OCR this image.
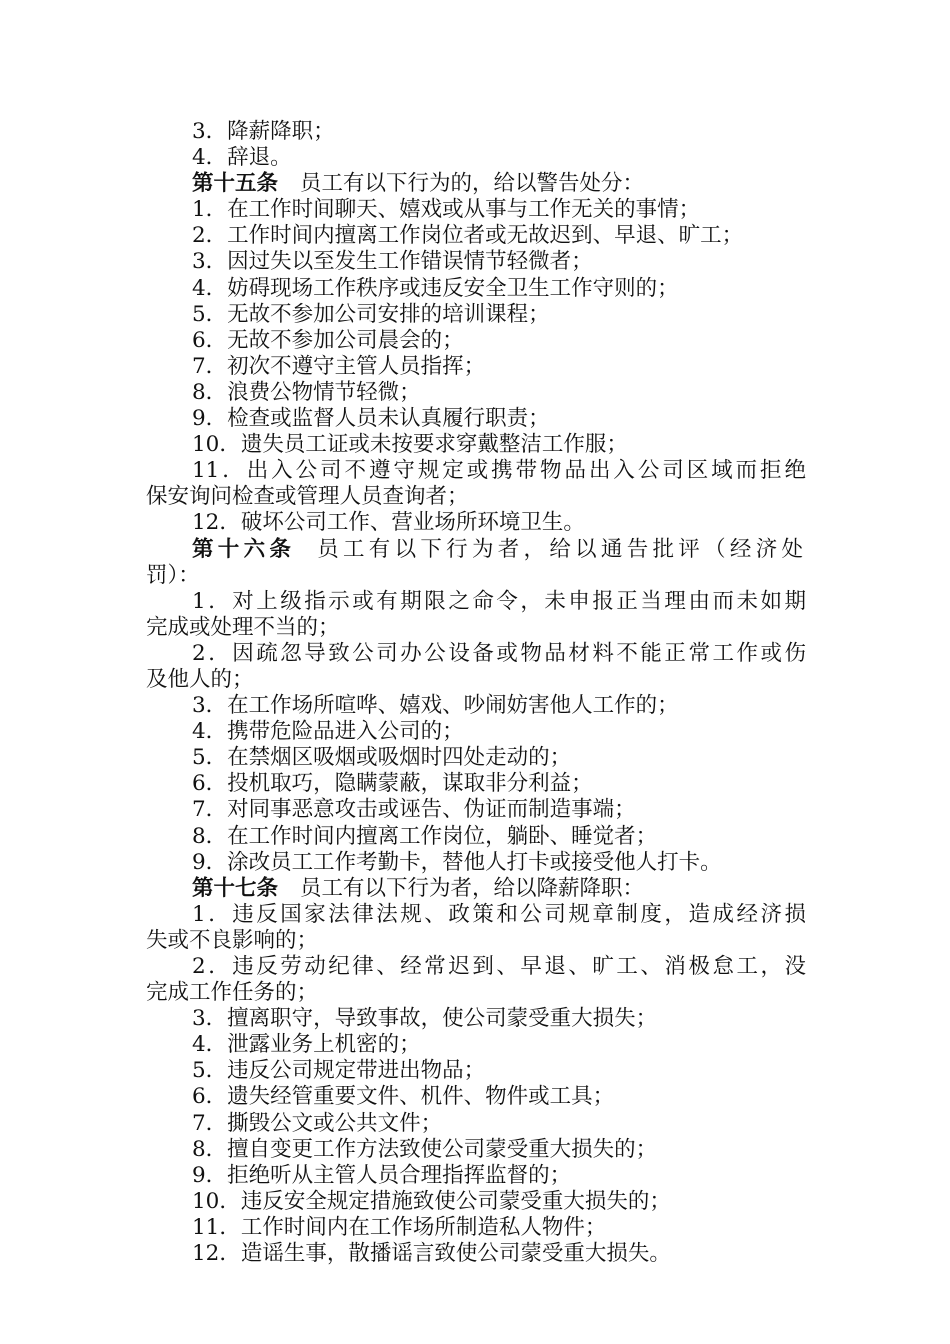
3．降薪降职；
4．辞退。
第十五条 员工有以下行为的，给以警告处分：
1．在工作时间聊天、嬉戏或从事与工作无关的事情；
2．工作时间内擅离工作岗位者或无故迟到、早退、旷工；
3．因过失以至发生工作错误情节轻微者；
4．妨碍现场工作秩序或违反安全卫生工作守则的；
5．无故不参加公司安排的培训课程；
6．无故不参加公司晨会的；
7．初次不遵守主管人员指挥；
8．浪费公物情节轻微；
9．检查或监督人员未认真履行职责；
10．遗失员工证或未按要求穿戴整洁工作服；
11．出入公司不遵守规定或携带物品出入公司区域而拒绝
保安询问检查或管理人员查询者；
12．破坏公司工作、营业场所环境卫生。
第十六条 员工有以下行为者，给以通告批评（经济处
罚）：
1．对上级指示或有期限之命令，未申报正当理由而未如期
完成或处理不当的；
2．因疏忽导致公司办公设备或物品材料不能正常工作或伤
及他人的；
3．在工作场所喧哗、嬉戏、吵闹妨害他人工作的；
4．携带危险品进入公司的；
5．在禁烟区吸烟或吸烟时四处走动的；
6．投机取巧，隐瞒蒙蔽，谋取非分利益；
7．对同事恶意攻击或诬告、伪证而制造事端；
8．在工作时间内擅离工作岗位，躺卧、睡觉者；
9．涂改员工工作考勤卡，替他人打卡或接受他人打卡。
第十七条 员工有以下行为者，给以降薪降职：
1．违反国家法律法规、政策和公司规章制度，造成经济损
失或不良影响的；
2．违反劳动纪律、经常迟到、早退、旷工、消极怠工，没
完成工作任务的；
3．擅离职守，导致事故，使公司蒙受重大损失；
4．泄露业务上机密的；
5．违反公司规定带进出物品；
6．遗失经管重要文件、机件、物件或工具；
7．撕毁公文或公共文件；
8．擅自变更工作方法致使公司蒙受重大损失的；
9．拒绝听从主管人员合理指挥监督的；
10．违反安全规定措施致使公司蒙受重大损失的；
11．工作时间内在工作场所制造私人物件；
12．造谣生事，散播谣言致使公司蒙受重大损失。
